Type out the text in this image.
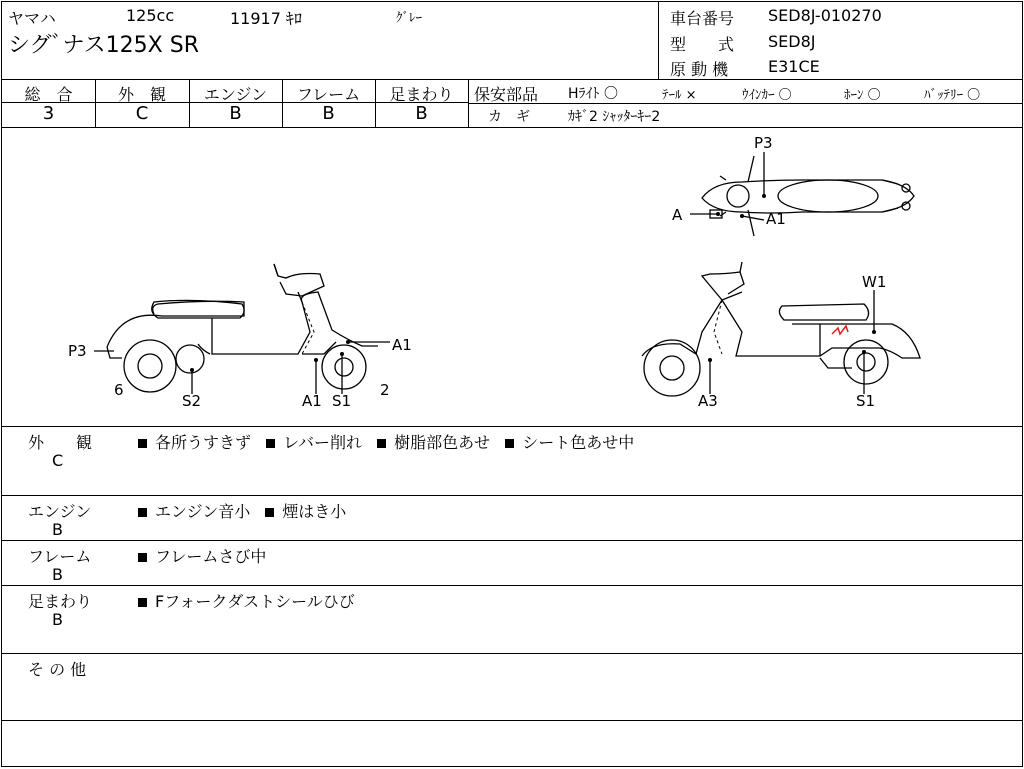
ヤマハ	125cc	11917 ｷﾛ	ｸﾞﾚｰ
シグﾞナス125X SR
車台番号 SED8J-010270
型　　式 SED8J
原 動 機 E31CE
総　合	外　観	エンジン	フレーム	足まわり
3	C	B	B	B
保安部品 Hﾗｲﾄ 〇	ﾃｰﾙ ×	ｳｲﾝｶｰ 〇	ﾎｰﾝ 〇	ﾊﾞｯﾃﾘｰ 〇
カ　ギ	ｶｷﾞ2 ｼｬｯﾀｰｷｰ2
P3
6
S2	A1 S1
A1
2
P3
A	A1
W1
A3	S1
外　　観
C
各所うすきず レバー削れ 樹脂部色あせ シート色あせ中
エンジン
B
エンジン音小 煙はき小
フレーム
B
フレームさび中
足まわり
B
Fフォークダストシールひび
そ の 他
